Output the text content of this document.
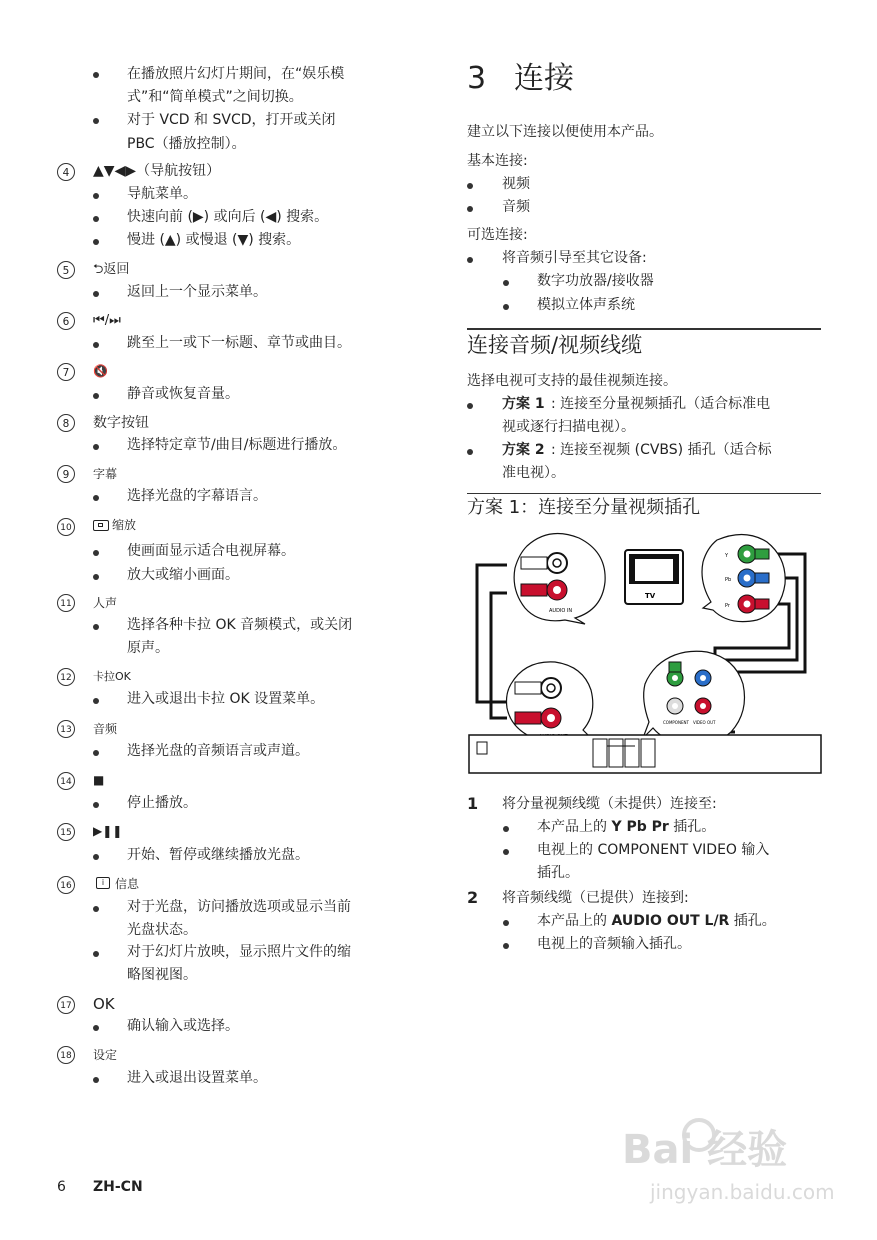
在播放照片幻灯片期间，在“娱乐模
式”和“简单模式”之间切换。
对于 VCD 和 SVCD，打开或关闭
PBC（播放控制）。
4	▲▼◀▶（导航按钮）
导航菜单。
快速向前 (▶) 或向后 (◀) 搜索。
慢进 (▲) 或慢退 (▼) 搜索。
5	⮌返回
返回上一个显示菜单。
6	⏮/⏭
跳至上一或下一标题、章节或曲目。
7	🔇
静音或恢复音量。
8	数字按钮
选择特定章节/曲目/标题进行播放。
9	字幕
选择光盘的字幕语言。
10	缩放
使画面显示适合电视屏幕。
放大或缩小画面。
11 人声
选择各种卡拉 OK 音频模式，或关闭
原声。
12 卡拉OK
进入或退出卡拉 OK 设置菜单。
13 音频
选择光盘的音频语言或声道。
14 ■
停止播放。
15 ▶❚❚
开始、暂停或继续播放光盘。
16	i 信息
对于光盘，访问播放选项或显示当前
光盘状态。
对于幻灯片放映，显示照片文件的缩
略图视图。
17 OK
确认输入或选择。
18 设定
进入或退出设置菜单。
6 ZH-CN
3 连接
建立以下连接以便使用本产品。
基本连接:
视频
音频
可选连接:
将音频引导至其它设备:
数字功放器/接收器
模拟立体声系统
连接音频/视频线缆
选择电视可支持的最佳视频连接。
方案 1 : 连接至分量视频插孔（适合标准电
视或逐行扫描电视）。
方案 2 : 连接至视频 (CVBS) 插孔（适合标
准电视）。
方案 1：连接至分量视频插孔
AUDIO IN
TV
Y
Pb
Pr
COMPONENT VIDEO OUT
1 将分量视频线缆（未提供）连接至:
本产品上的 Y Pb Pr 插孔。
电视上的 COMPONENT VIDEO 输入
插孔。
2 将音频线缆（已提供）连接到:
本产品上的 AUDIO OUT L/R 插孔。
电视上的音频输入插孔。
Bai 经验
jingyan.baidu.com
